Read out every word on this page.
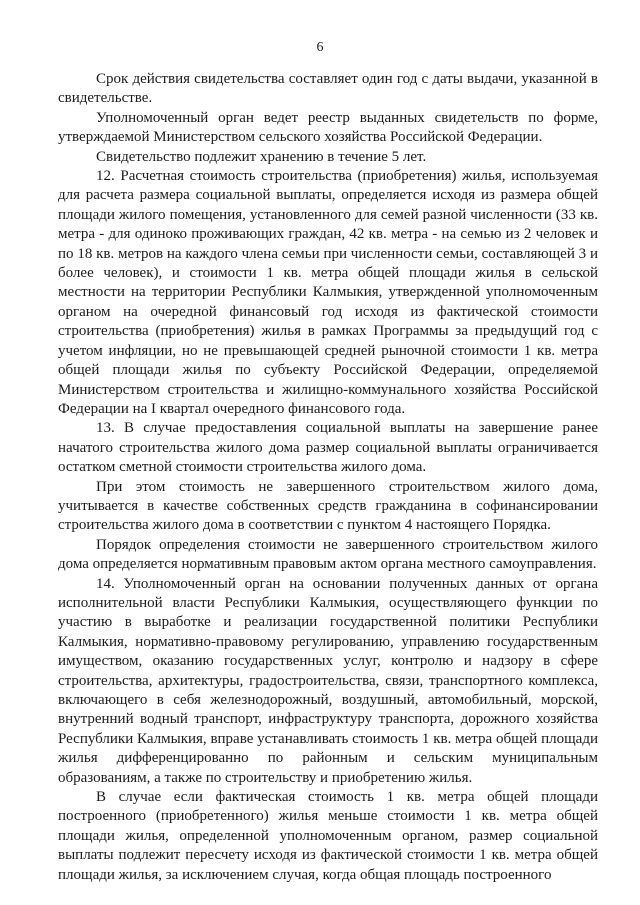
6

Срок действия свидетельства составляет один год с даты выдачи, указанной в свидетельстве.

Уполномоченный орган ведет реестр выданных свидетельств по форме, утверждаемой Министерством сельского хозяйства Российской Федерации.

Свидетельство подлежит хранению в течение 5 лет.

12. Расчетная стоимость строительства (приобретения) жилья, используемая для расчета размера социальной выплаты, определяется исходя из размера общей площади жилого помещения, установленного для семей разной численности (33 кв. метра - для одиноко проживающих граждан, 42 кв. метра - на семью из 2 человек и по 18 кв. метров на каждого члена семьи при численности семьи, составляющей 3 и более человек), и стоимости 1 кв. метра общей площади жилья в сельской местности на территории Республики Калмыкия, утвержденной уполномоченным органом на очередной финансовый год исходя из фактической стоимости строительства (приобретения) жилья в рамках Программы за предыдущий год с учетом инфляции, но не превышающей средней рыночной стоимости 1 кв. метра общей площади жилья по субъекту Российской Федерации, определяемой Министерством строительства и жилищно-коммунального хозяйства Российской Федерации на I квартал очередного финансового года.

13. В случае предоставления социальной выплаты на завершение ранее начатого строительства жилого дома размер социальной выплаты ограничивается остатком сметной стоимости строительства жилого дома.

При этом стоимость не завершенного строительством жилого дома, учитывается в качестве собственных средств гражданина в софинансировании строительства жилого дома в соответствии с пунктом 4 настоящего Порядка.

Порядок определения стоимости не завершенного строительством жилого дома определяется нормативным правовым актом органа местного самоуправления.

14. Уполномоченный орган на основании полученных данных от органа исполнительной власти Республики Калмыкия, осуществляющего функции по участию в выработке и реализации государственной политики Республики Калмыкия, нормативно-правовому регулированию, управлению государственным имуществом, оказанию государственных услуг, контролю и надзору в сфере строительства, архитектуры, градостроительства, связи, транспортного комплекса, включающего в себя железнодорожный, воздушный, автомобильный, морской, внутренний водный транспорт, инфраструктуру транспорта, дорожного хозяйства Республики Калмыкия, вправе устанавливать стоимость 1 кв. метра общей площади жилья дифференцированно по районным и сельским муниципальным образованиям, а также по строительству и приобретению жилья.

В случае если фактическая стоимость 1 кв. метра общей площади построенного (приобретенного) жилья меньше стоимости 1 кв. метра общей площади жилья, определенной уполномоченным органом, размер социальной выплаты подлежит пересчету исходя из фактической стоимости 1 кв. метра общей площади жилья, за исключением случая, когда общая площадь построенного
